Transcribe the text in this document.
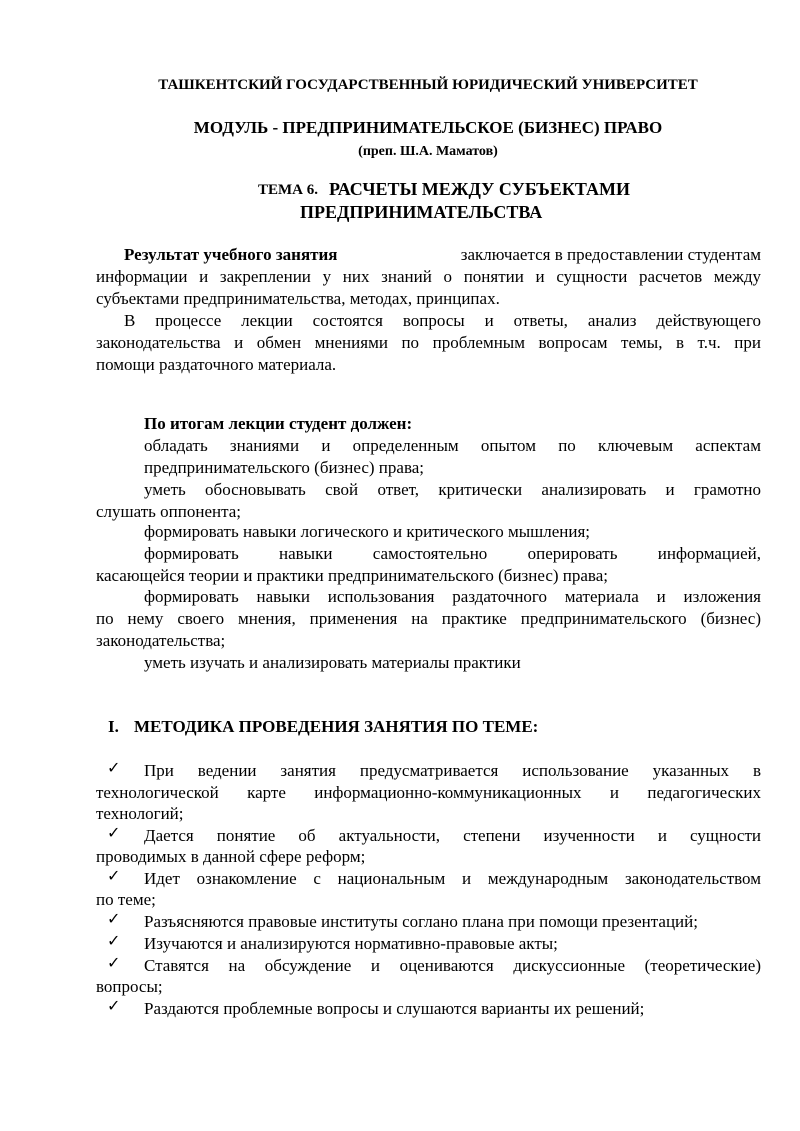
ТАШКЕНТСКИЙ ГОСУДАРСТВЕННЫЙ ЮРИДИЧЕСКИЙ УНИВЕРСИТЕТ
МОДУЛЬ - ПРЕДПРИНИМАТЕЛЬСКОЕ (БИЗНЕС) ПРАВО
(преп. Ш.А. Маматов)
ТЕМА 6. РАСЧЕТЫ МЕЖДУ СУБЪЕКТАМИ
ПРЕДПРИНИМАТЕЛЬСТВА
Результат учебного занятия	заключается в предоставлении студентам
информации и закреплении у них знаний о понятии и сущности расчетов между
субъектами предпринимательства, методах, принципах.
В процессе лекции состоятся вопросы и ответы, анализ действующего
законодательства и обмен мнениями по проблемным вопросам темы, в т.ч. при
помощи раздаточного материала.
По итогам лекции студент должен:
обладать знаниями и определенным опытом по ключевым аспектам
предпринимательского (бизнес) права;
уметь обосновывать свой ответ, критически анализировать и грамотно
слушать оппонента;
формировать навыки логического и критического мышления;
формировать навыки самостоятельно оперировать информацией,
касающейся теории и практики предпринимательского (бизнес) права;
формировать навыки использования раздаточного материала и изложения
по нему своего мнения, применения на практике предпринимательского (бизнес)
законодательства;
уметь изучать и анализировать материалы практики
I. МЕТОДИКА ПРОВЕДЕНИЯ ЗАНЯТИЯ ПО ТЕМЕ:
✓ При ведении занятия предусматривается использование указанных в
технологической карте информационно-коммуникационных и педагогических
технологий;
✓ Дается понятие об актуальности, степени изученности и сущности
проводимых в данной сфере реформ;
✓ Идет ознакомление с национальным и международным законодательством
по теме;
✓ Разъясняются правовые институты соглано плана при помощи презентаций;
✓ Изучаются и анализируются нормативно-правовые акты;
✓ Ставятся на обсуждение и оцениваются дискуссионные (теоретические)
вопросы;
✓ Раздаются проблемные вопросы и слушаются варианты их решений;
